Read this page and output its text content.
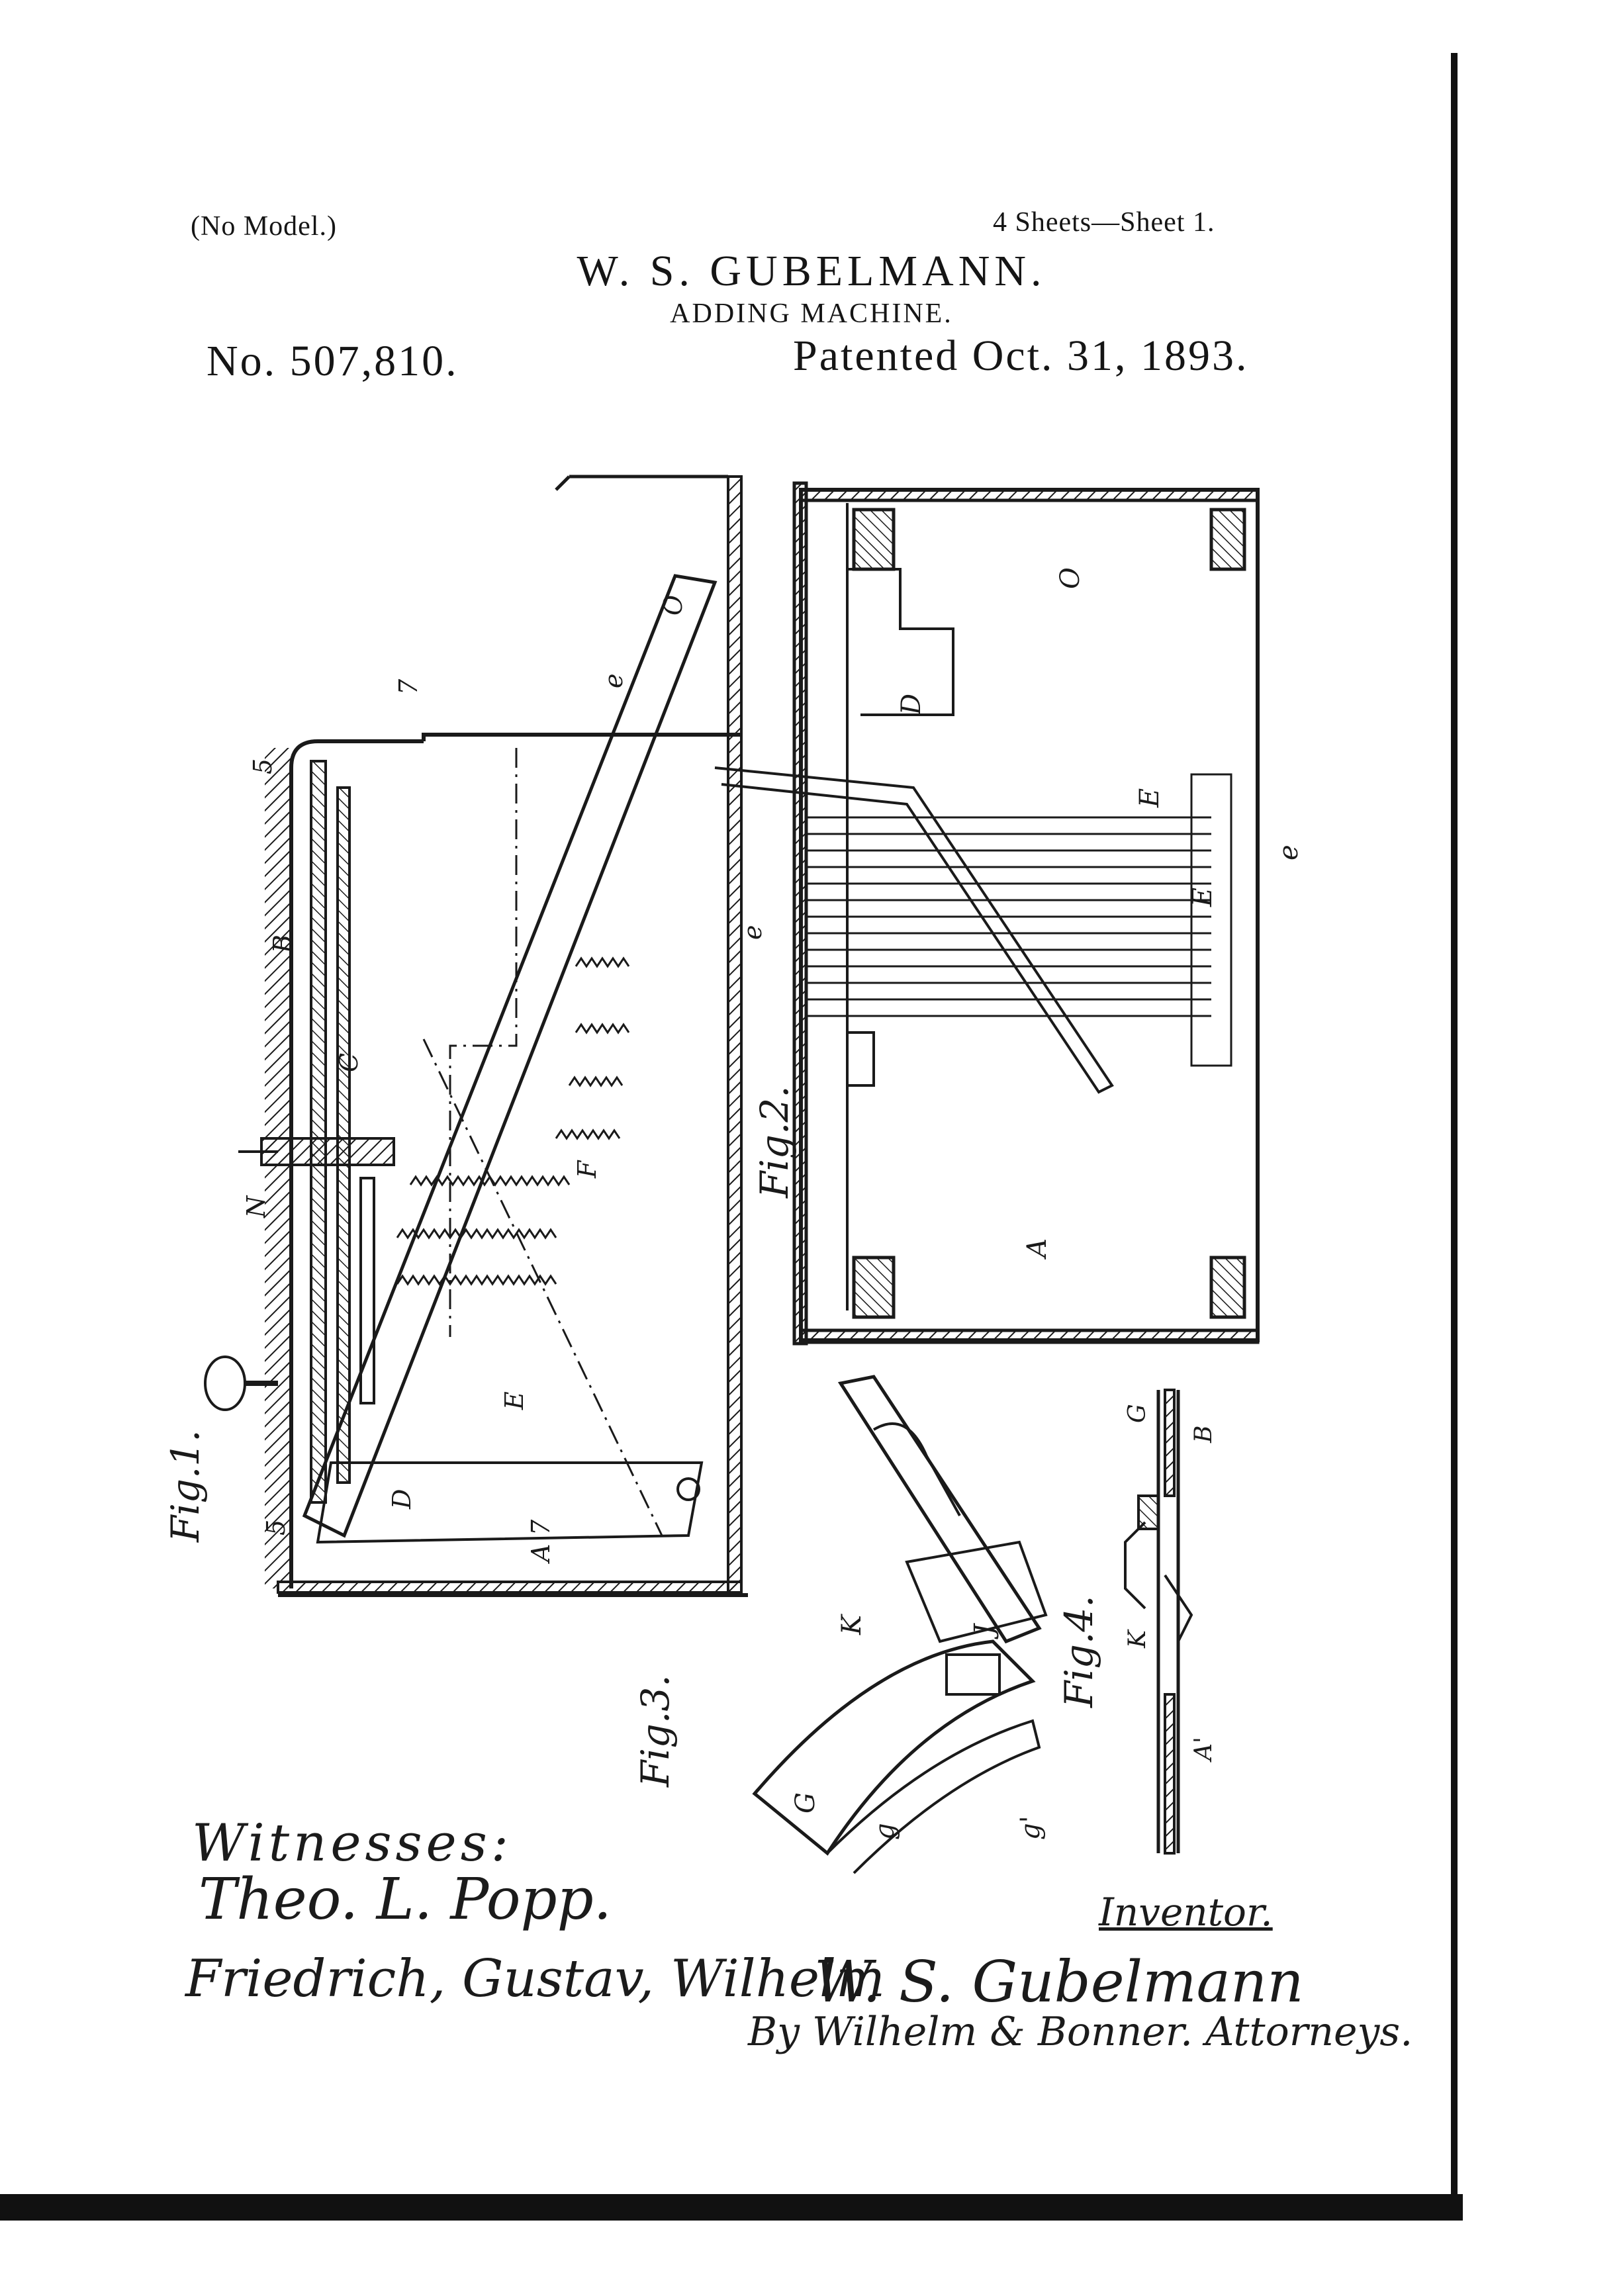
(No Model.)	4 Sheets—Sheet 1.
W. S. GUBELMANN.
ADDING MACHINE.
No. 507,810.	Patented Oct. 31, 1893.
Fig.1.
5
5
B
N
C
E
F
e
e
O
A
7
7
D
Fig.2.
A
O
D
E
E
e
Fig.3.
G
g	g'
K	J Fig.4.
G
B
K
A'
Witnesses:
Theo. L. Popp.
Friedrich, Gustav, Wilhelm
Inventor.
W. S. Gubelmann
By Wilhelm & Bonner. Attorneys.
